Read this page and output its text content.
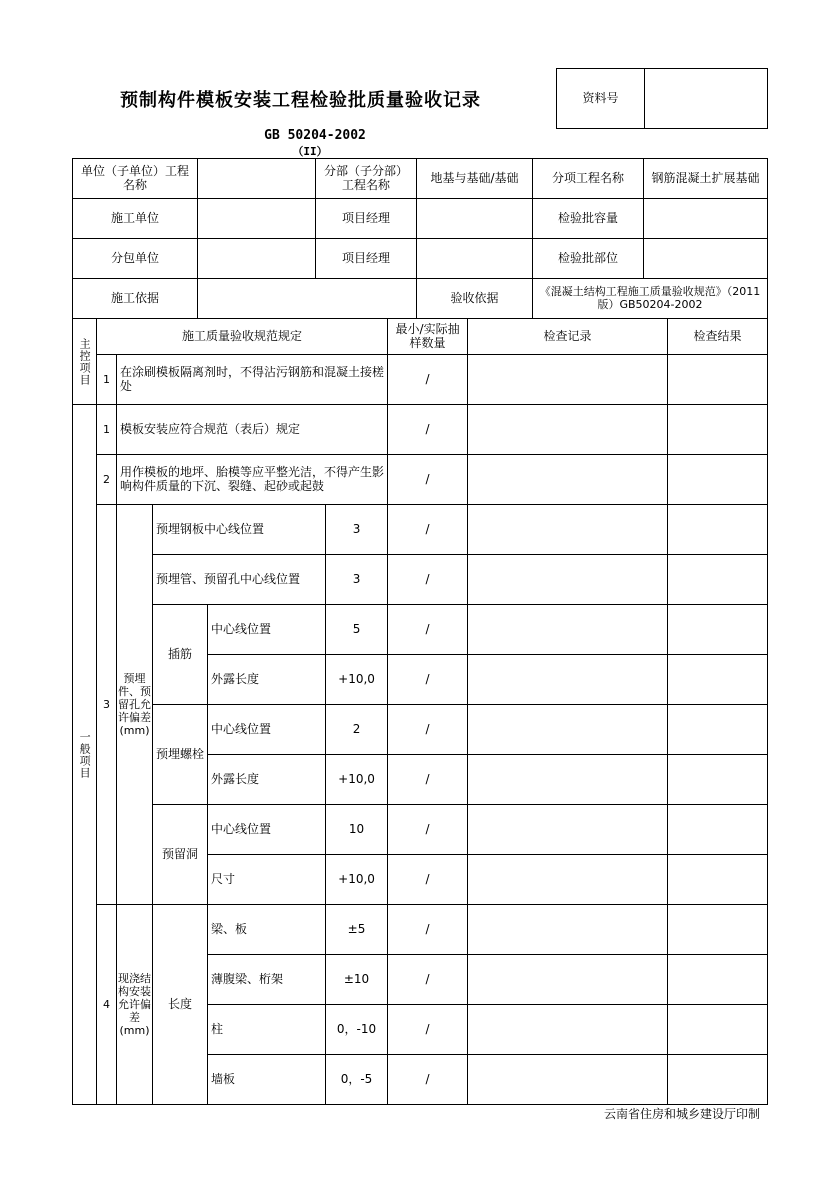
预制构件模板安装工程检验批质量验收记录
GB 50204-2002
（II）
资料号	
单位（子单位）工程名称		分部（子分部）工程名称	地基与基础/基础	分项工程名称	钢筋混凝土扩展基础
施工单位		项目经理		检验批容量	
分包单位		项目经理		检验批部位	
施工依据			验收依据	《混凝土结构工程施工质量验收规范》（2011版）GB50204-2002	
主控项目	施工质量验收规范规定					最小/实际抽样数量	检查记录	检查结果
	1	在涂刷模板隔离剂时，不得沾污钢筋和混凝土接槎处				/		
一般项目	1	模板安装应符合规范（表后）规定				/		
	2	用作模板的地坪、胎模等应平整光洁，不得产生影响构件质量的下沉、裂缝、起砂或起鼓				/		
	3	预埋件、预留孔允许偏差(mm)	预埋钢板中心线位置		3	/		
			预埋管、预留孔中心线位置		3	/		
			插筋	中心线位置	5	/		
				外露长度	+10,0	/		
			预埋螺栓	中心线位置	2	/		
				外露长度	+10,0	/		
			预留洞	中心线位置	10	/		
				尺寸	+10,0	/		
	4	现浇结构安装允许偏差(mm)	长度	梁、板	±5	/		
				薄腹梁、桁架	±10	/		
				柱	0，-10	/		
				墙板	0，-5	/		
云南省住房和城乡建设厅印制
